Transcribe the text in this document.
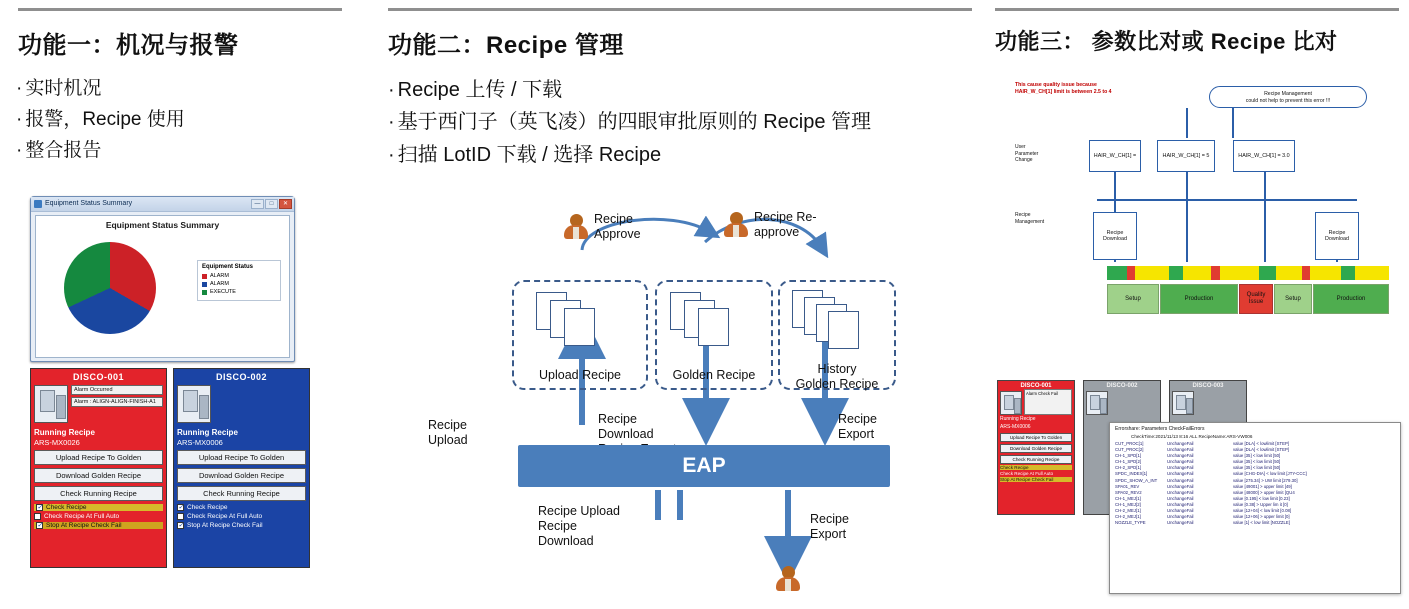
功能一：机况与报警
· 实时机况
· 报警，Recipe 使用
· 整合报告
Equipment Status Summary	—	□	✕
Equipment Status Summary
Equipment Status
ALARM
ALARM
EXECUTE
DISCO-001
Alarm Occurred
Alarm : ALIGN-ALIGN-FINISH-A1
Running Recipe
ARS-MX0026
Upload Recipe To Golden
Download Golden Recipe
Check Running Recipe
✓
Check Recipe
Check Recipe At Full Auto
✓
Stop At Recipe Check Fail
DISCO-002
Running Recipe
ARS-MX0006
Upload Recipe To Golden
Download Golden Recipe
Check Running Recipe
✓
Check Recipe
Check Recipe At Full Auto
✓
Stop At Recipe Check Fail
功能二：Recipe 管理
· Recipe 上传 / 下载
· 基于西门子（英飞凌）的四眼审批原则的 Recipe 管理
· 扫描 LotID 下载 / 选择 Recipe
Recipe
Approve
Recipe Re-
approve
Upload Recipe	Golden Recipe	History
Golden Recipe
Recipe
Upload
Recipe
Download

Recipe
Export
EAP
Recipe Upload
Recipe
Download
Recipe
Export
功能三： 参数比对或 Recipe 比对
This cause quality issue because
HAIR_W_CH[1] limit is between 2.5 to 4	Recipe Management
could not help to prevent this error !!!
User
Parameter
Change
Recipe
Management
HAIR_W_CH[1] =	HAIR_W_CH[1] = 5	HAIR_W_CH[1] = 3.0
Recipe
Download
Recipe
Download
Setup	Production
Quality Issue
Setup	Production
DISCO-001
Alarm Check Fail
Running Recipe
ARS-MX0006
Upload Recipe To Golden
Download Golden Recipe
Check Running Recipe
Check Recipe
Check Recipe At Full Auto
Stop At Recipe Check Fail
DISCO-002	DISCO-003
Errorshare: Parameters CheckFailErrors
CheckTime:2021/11/13 8:16 ALL RecipeName:ARS-VW006
CUT_PROC[1]	UnchangeFail	value [DLA] < lowlimit [STEP]
CUT_PROC[2]	UnchangeFail	value [DLA] < lowlimit [STEP]
CH-1_SPD[1]	UnchangeFail	value [35] < low limit [50]
CH-1_SPD[2]	UnchangeFail	value [35] < low limit [50]
CH-2_SPD[1]	UnchangeFail	value [35] < low limit [50]
SPDC_INDEX[1]	UnchangeFail	value [CHG-DIA] < low limit [JTY-CCC]
SPDC_SHOW_A_INT	UnchangeFail	value [275.34] > UW limit [279.30]
SPA01_REV	UnchangeFail	value [49001] > upper limit [49]
SPA02_REV2	UnchangeFail	value [48000] > upper limit [QU4
CH-1_MEJ[1]	UnchangeFail	value [0.195] < low limit [0.23]
CH-1_MEJ[2]	UnchangeFail	value [0.38] > Upper lim it [0]
CH-2_MEJ[1]	UnchangeFail	value [12+04] < low limit [0.08]
CH-2_MEJ[1]	UnchangeFail	value [12+06] > upper limit [0]
NOZZLE_TYPE	UnchangeFail	value [1] < low limit [NOZZLE]
